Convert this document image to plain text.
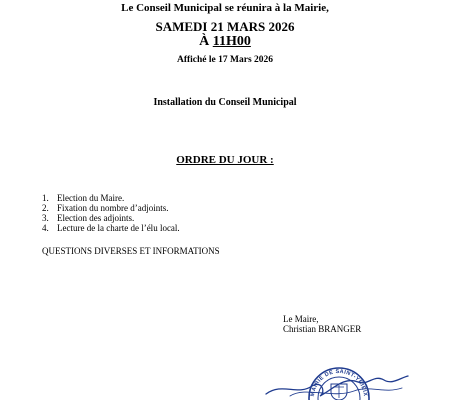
Le Conseil Municipal se réunira à la Mairie,
SAMEDI 21 MARS 2026
À 11H00
Affiché le 17 Mars 2026
Installation du Conseil Municipal
ORDRE DU JOUR :
1. Election du Maire.
2. Fixation du nombre d’adjoints.
3. Election des adjoints.
4. Lecture de la charte de l’élu local.
QUESTIONS DIVERSES ET INFORMATIONS
Le Maire,
Christian BRANGER
MAIRIE DE SAINT-YRIEIX
